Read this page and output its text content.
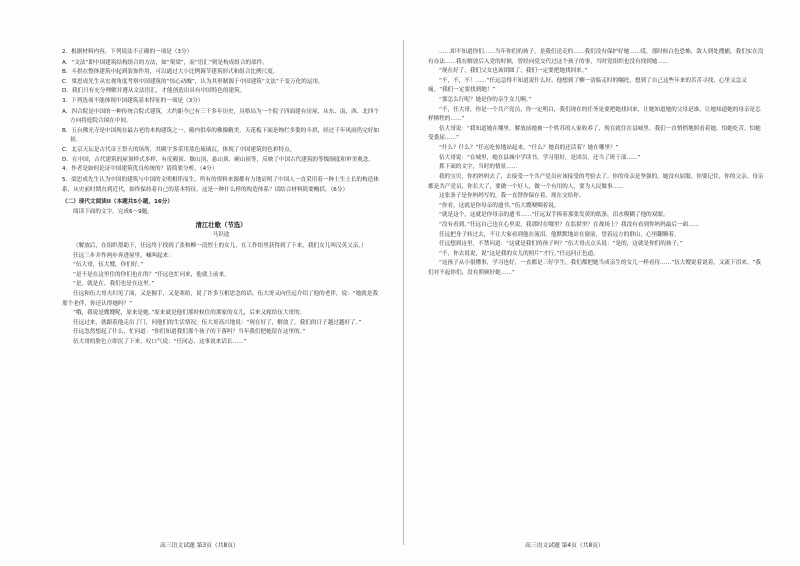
2．根据材料内容，下列说法不正确的一项是（3分）

A．“文法”即中国建筑结构组合的方法，如“架梁”，而“语汇”则是构成组合的部件。

B．斗拱在整体建筑中起到装饰作用，可以通过大小比例调节建筑形式和组合比例尺度。

C．梁思成先生从宏观角度考察中国建筑的“惊心动魄”，认为其形制源于中国建筑“文法”千变万化的运用。

D．我们只有充分理解并遵从文法语汇，才能创造出具有中国特色的建筑。

3．下列选项不能体现中国建筑基本特征的一项是（3分）

A．四合院是中国的一种传统合院式建筑，大约距今已有三千多年历史，具格局为一个院子四面建有房屋，从东、南、西、北四个方向将庭院合围在中间。

B．五台佛光寺是中国现存最古老的木构建筑之一，殿内供奉的佛像精美，天花板下面是绚烂多姿的斗拱，经过千年风雨仍完好如初。

C．北京天坛是古代帝王祭天的场所，其殿宇多采用蓝色琉璃瓦，体现了中国建筑的色彩特点。

D．在中国，古代建筑的屋顶样式多样，有庑殿顶、歇山顶、悬山顶、硬山顶等，反映了中国古代建筑的等级制度和审美观念。

4．作者是如何论证中国建筑优良传统的？请简要分析。（4分）

5．梁思成先生认为中国的建筑与中国的文明相伴而生，所有的资料来源都有力地证明了中国人一直采用着一种土生土长的构造体系，从史前时期直到近代，始终保持着自己的基本特征。这是一种什么样的构造体系？请结合材料简要概括。（6分）

（二）现代文阅读II（本题共5小题，16分）

阅读下面的文字，完成6～9题。

清江壮歌（节选）

马识途

（解放后，在组织帮助下，任远终于找到了张和柳一清烈士的女儿，在工作组里获得到了下来，我们女儿叫汉英父亲。）

任远三步并作两步奔进屋里，喊叫起来：

“伍大哥，伍大嫂，你们好。”

“是不是在这里住的你们也在的？”任远也忙问来，他就上前来。

“是，就是在，我们也是在这里。”

任远和伍大哥夫妇见了面，又是握手，又是寒暄，说了许多互相思念的话。伍大哥又向任远介绍了他的老伴，说：“她就是我那个老伴，你还认得她吗？”

“哦，我说是嫂嫂呢，原来是她。”原来就是他们那时候住的那家的女儿，后来又嫁给伍大哥的。

任远过来，就跟着他走出了门，问他们的生活情况。伍大哥高兴地说：“现在好了，解放了，我们的日子越过越好了。”

任远忽然想起了什么，忙问道：“你们知道我们那个孩子的下落吗？当年我们把她留在这里的。”

伍大哥的脸色立即沉了下来，叹口气说：“任同志，这事说来话长……”

……却不知道你们……当年你们的孩子，是我们送走的……我们没有保护好她……哎，那时候白色恐怖，敌人到处搜捕，我们实在没有办法……我在解放后入党的时候，曾经向党交代过这个孩子的事，当时党组织也没有找到她……

“现在好了，我们父女也该团圆了，我们一定要把她找回来。”

“不，不，不！……”任远急得不知道说什么好，他想到了柳一清临走时的嘱托，想到了自己这些年来的苦苦寻找，心里又急又痛。“我们一定要找到她！”

“那怎么行呢？她是你的亲生女儿啊。”

“不，任大哥，你是一个共产党员，你一定明白，我们现在的任务是要把她找回来，让她知道她的父母是谁，让她知道她的母亲是怎样牺牲的……”

伍大哥说：“我知道她在哪里。解放前她被一个姓苏的人家收养了，现在就住在县城里。我们一直悄悄地照看着她，怕她吃苦，怕她受委屈……”

“什么？什么？”任远吃惊地站起来，“什么？她真的还活着？她在哪里？”

伍大哥说：“在城里，她在县城中学读书，学习很好，是团员，还当了班干部……”

抓下面的文字，当时的情景……

我的宝贝，你的妈妈去了，去接受一个共产党员应该接受的考验去了。你的母亲是坚强的，她没有屈服。你要记住，你的父亲、母亲都是共产党员，你长大了，要做一个好人，做一个有用的人，要为人民做事……

这张条子是你妈妈写的，我一直替你保存着，现在交给你。

“你看，这就是你母亲的遗书。”伍大嫂哽咽着说。

“就是这个，这就是你母亲的遗书……”任远双手捧着那张发黄的纸条，泪水模糊了他的双眼。

“没有看到。”任远自己也在心里说，我那时在哪里？在监狱里？在战场上？我没有看到你妈妈最后一面……

任远把身子转过去，不让大家看到他在流泪。他默默地站在窗前，望着远方的群山，心里翻腾着。

任远想到这里，不禁问道：“这就是我们的孩子吗？”伍大哥点点头说：“是的，这就是你们的孩子。”

“不，你去说说，说“这是我的女儿的照片”才行。”任远问正色道。

“这孩子从小很懂事，学习也好，一直都是三好学生，我们都把她当成亲生的女儿一样看待……”伍大嫂说着说着，又流下泪来。“我们对不起你们，没有照顾好她……”

高三语文试题 第3页（共8页）	高三语文试题 第4页（共8页）
